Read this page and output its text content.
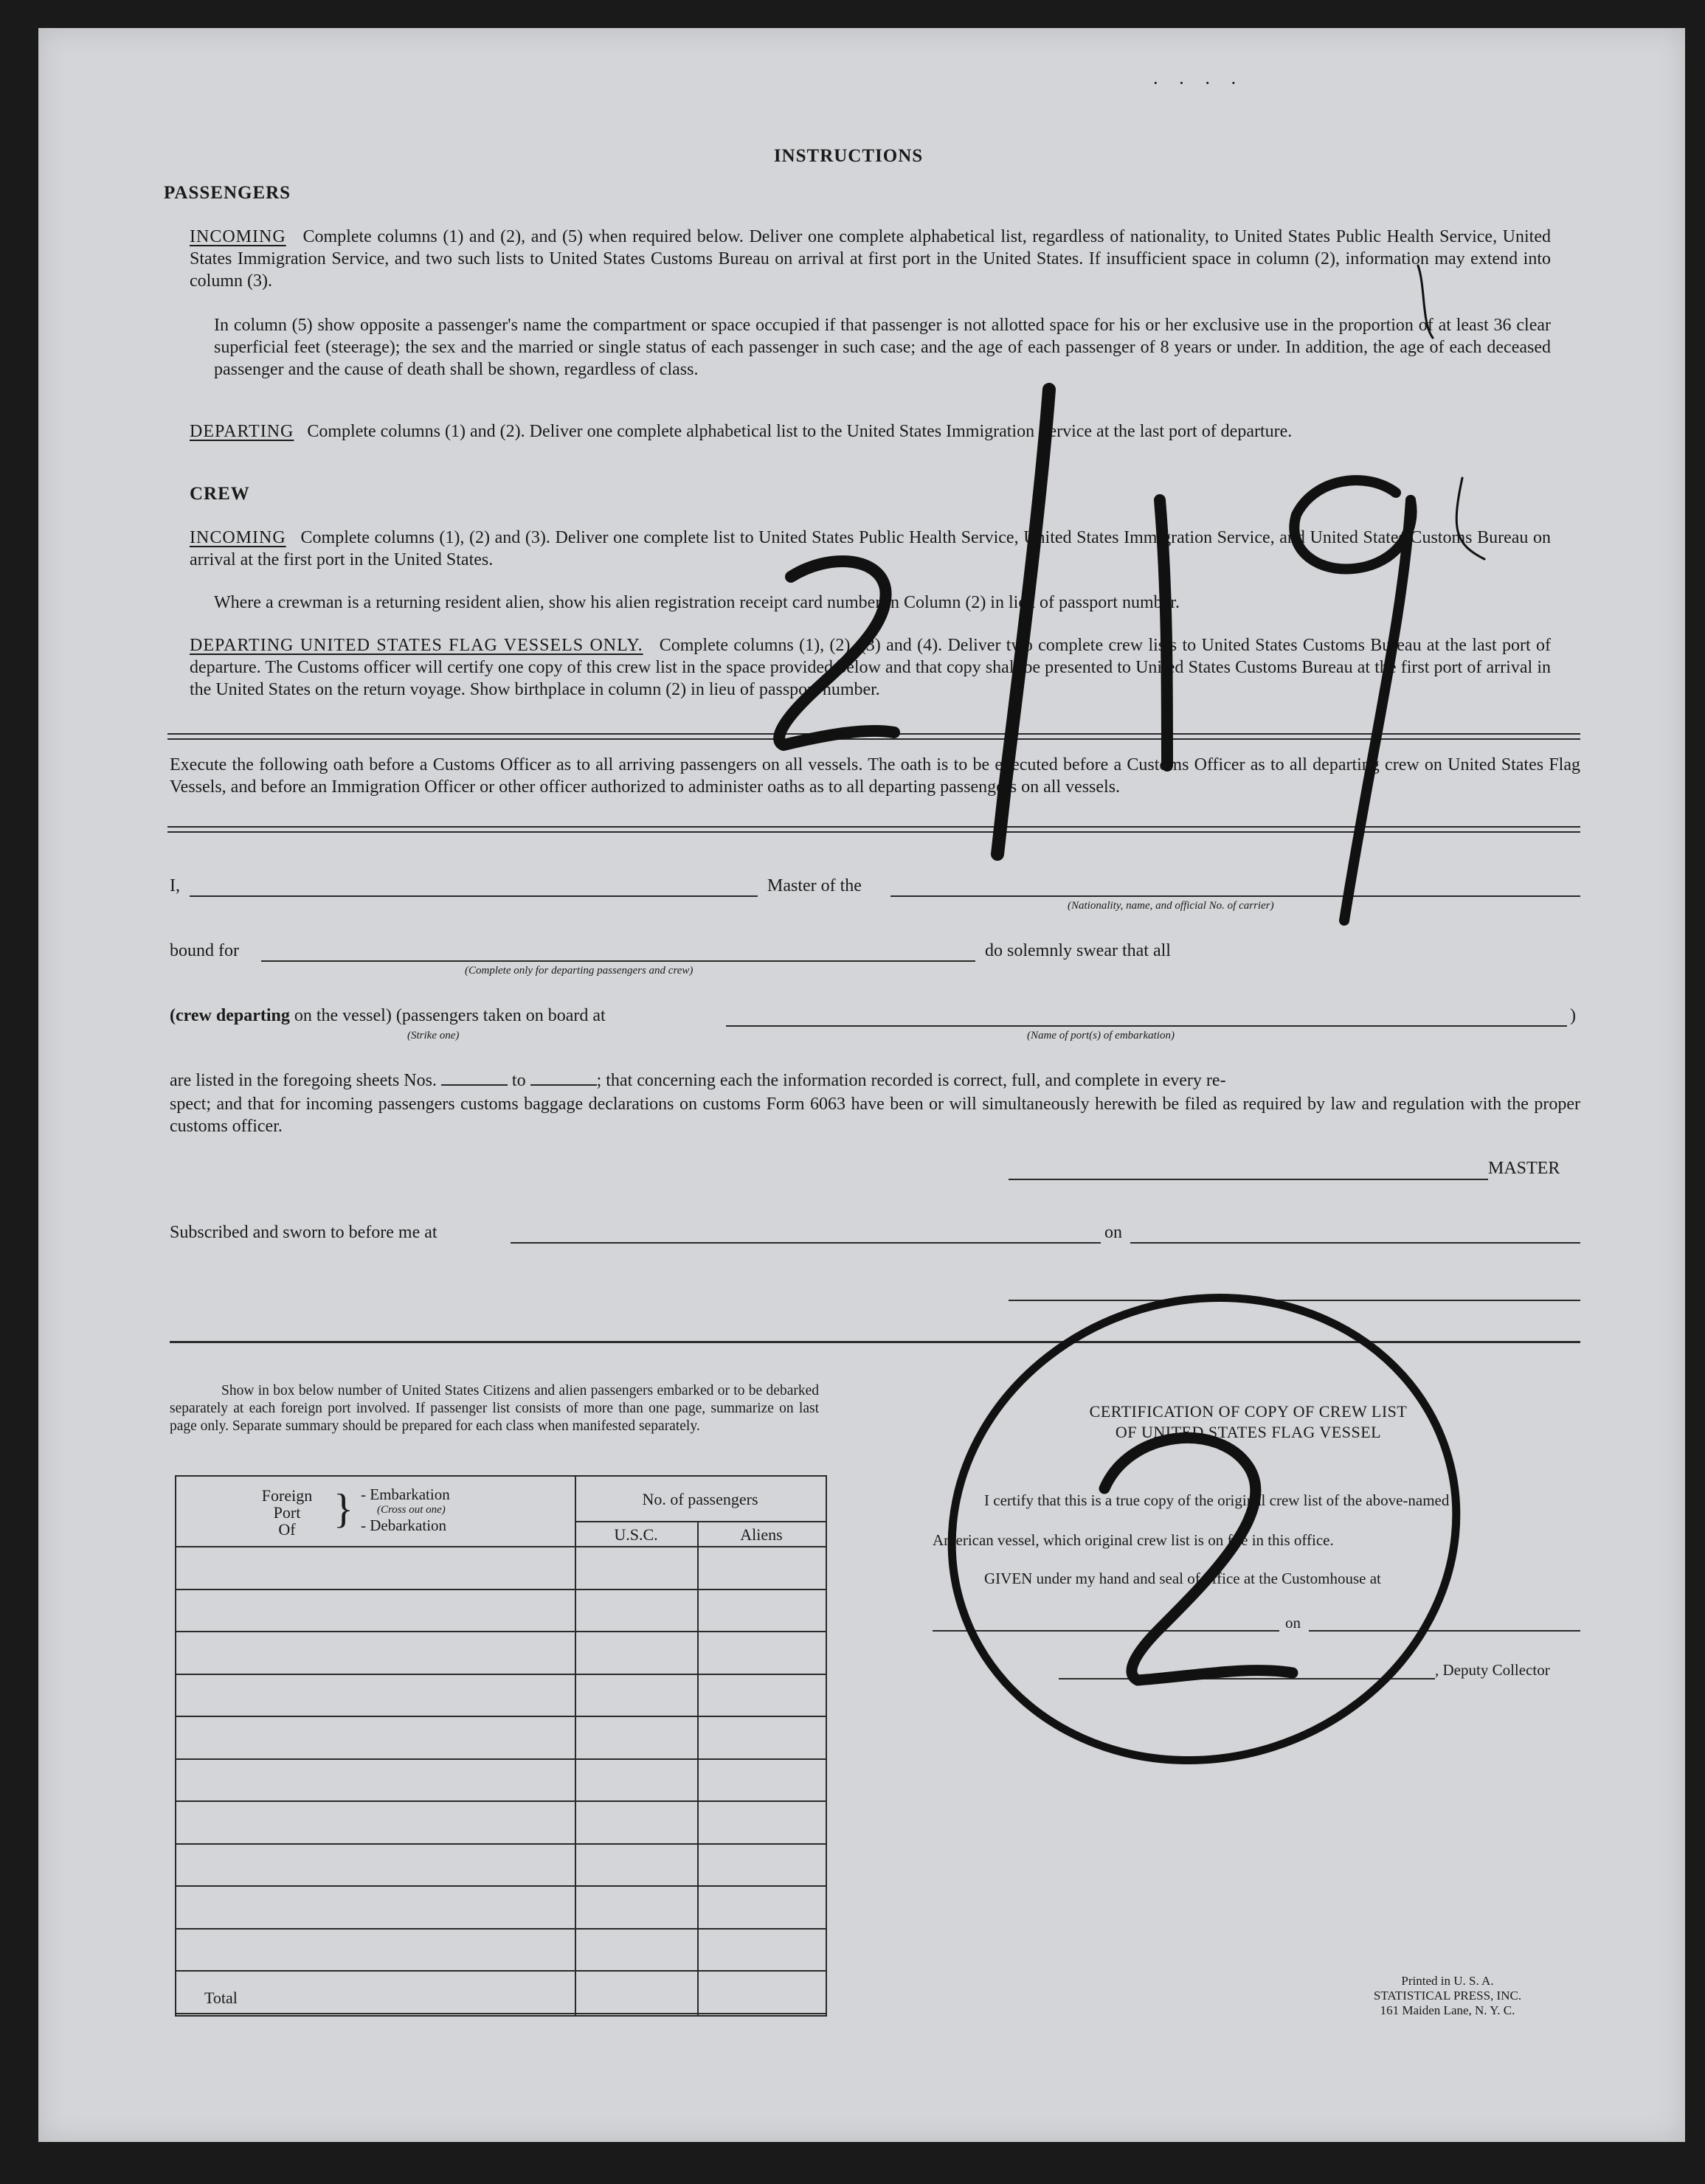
INSTRUCTIONS
PASSENGERS
INCOMING Complete columns (1) and (2), and (5) when required below. Deliver one complete alphabetical list, regardless of nationality, to United States Public Health Service, United States Immigration Service, and two such lists to United States Customs Bureau on arrival at first port in the United States. If insufficient space in column (2), information may extend into column (3).
In column (5) show opposite a passenger's name the compartment or space occupied if that passenger is not allotted space for his or her exclusive use in the proportion of at least 36 clear superficial feet (steerage); the sex and the married or single status of each passenger in such case; and the age of each passenger of 8 years or under. In addition, the age of each deceased passenger and the cause of death shall be shown, regardless of class.
DEPARTING Complete columns (1) and (2). Deliver one complete alphabetical list to the United States Immigration Service at the last port of departure.
CREW
INCOMING Complete columns (1), (2) and (3). Deliver one complete list to United States Public Health Service, United States Immigration Service, and United States Customs Bureau on arrival at the first port in the United States.
Where a crewman is a returning resident alien, show his alien registration receipt card number in Column (2) in lieu of passport number.
DEPARTING UNITED STATES FLAG VESSELS ONLY. Complete columns (1), (2), (3) and (4). Deliver two complete crew lists to United States Customs Bureau at the last port of departure. The Customs officer will certify one copy of this crew list in the space provided below and that copy shall be presented to United States Customs Bureau at the first port of arrival in the United States on the return voyage. Show birthplace in column (2) in lieu of passport number.
Execute the following oath before a Customs Officer as to all arriving passengers on all vessels. The oath is to be executed before a Customs Officer as to all departing crew on United States Flag Vessels, and before an Immigration Officer or other officer authorized to administer oaths as to all departing passengers on all vessels.
I,	Master of the
(Nationality, name, and official No. of carrier)
bound for
(Complete only for departing passengers and crew)
do solemnly swear that all
(crew departing on the vessel) (passengers taken on board at	)
(Strike one)	(Name of port(s) of embarkation)
are listed in the foregoing sheets Nos.	to	; that concerning each the information recorded is correct, full, and complete in every re-
spect; and that for incoming passengers customs baggage declarations on customs Form 6063 have been or will simultaneously herewith be filed as required by law and regulation with the proper customs officer.
MASTER
Subscribed and sworn to before me at	on
Show in box below number of United States Citizens and alien passengers embarked or to be debarked separately at each foreign port involved. If passenger list consists of more than one page, summarize on last page only. Separate summary should be prepared for each class when manifested separately.
Foreign
Port
Of } - Embarkation
(Cross out one)
- Debarkation
No. of passengers
U.S.C.	Aliens
Total
CERTIFICATION OF COPY OF CREW LIST
OF UNITED STATES FLAG VESSEL
I certify that this is a true copy of the original crew list of the above-named
American vessel, which original crew list is on file in this office.
GIVEN under my hand and seal of office at the Customhouse at
on
, Deputy Collector
Printed in U. S. A.
STATISTICAL PRESS, INC.
161 Maiden Lane, N. Y. C.
· · · ·
